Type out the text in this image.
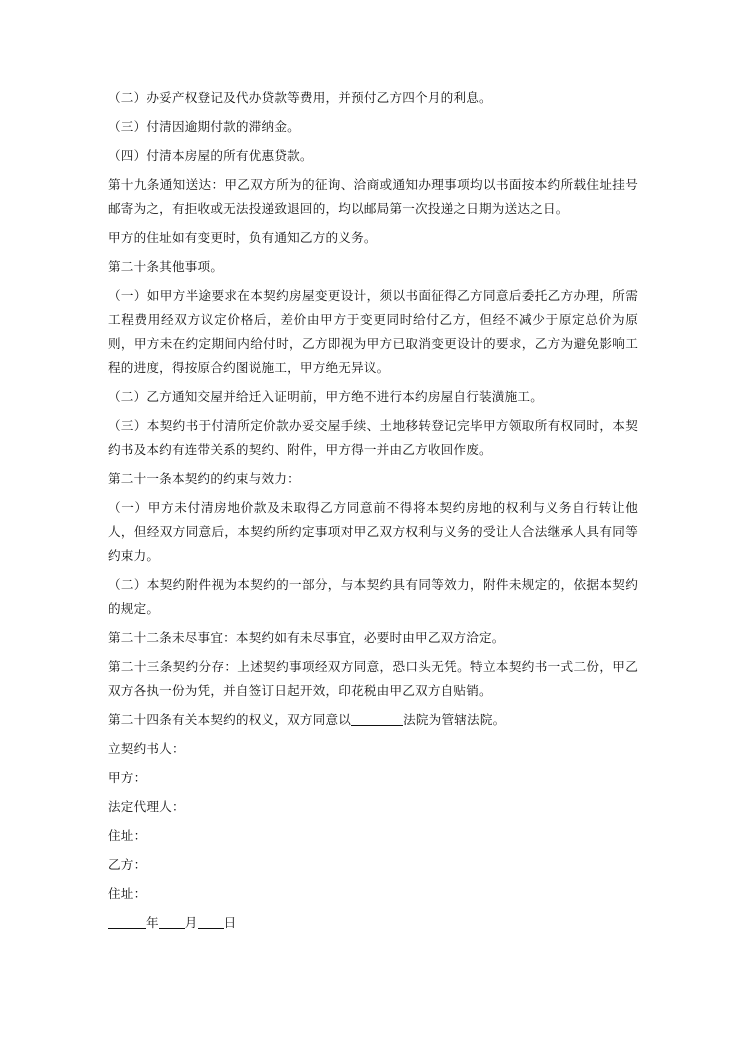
（二）办妥产权登记及代办贷款等费用，并预付乙方四个月的利息。

（三）付清因逾期付款的滞纳金。

（四）付清本房屋的所有优惠贷款。

第十九条通知送达：甲乙双方所为的征询、洽商或通知办理事项均以书面按本约所载住址挂号邮寄为之，有拒收或无法投递致退回的，均以邮局第一次投递之日期为送达之日。

甲方的住址如有变更时，负有通知乙方的义务。

第二十条其他事项。

（一）如甲方半途要求在本契约房屋变更设计，须以书面征得乙方同意后委托乙方办理，所需工程费用经双方议定价格后，差价由甲方于变更同时给付乙方，但经不减少于原定总价为原则，甲方未在约定期间内给付时，乙方即视为甲方已取消变更设计的要求，乙方为避免影响工程的进度，得按原合约图说施工，甲方绝无异议。

（二）乙方通知交屋并给迁入证明前，甲方绝不进行本约房屋自行装潢施工。

（三）本契约书于付清所定价款办妥交屋手续、土地移转登记完毕甲方领取所有权同时，本契约书及本约有连带关系的契约、附件，甲方得一并由乙方收回作废。

第二十一条本契约的约束与效力：

（一）甲方未付清房地价款及未取得乙方同意前不得将本契约房地的权利与义务自行转让他人，但经双方同意后，本契约所约定事项对甲乙双方权利与义务的受让人合法继承人具有同等约束力。

（二）本契约附件视为本契约的一部分，与本契约具有同等效力，附件未规定的，依据本契约的规定。

第二十二条未尽事宜：本契约如有未尽事宜，必要时由甲乙双方洽定。

第二十三条契约分存：上述契约事项经双方同意，恐口头无凭。特立本契约书一式二份，甲乙双方各执一份为凭，并自签订日起开效，印花税由甲乙双方自贴销。

第二十四条有关本契约的权义，双方同意以	法院为管辖法院。

立契约书人：

甲方：

法定代理人：

住址：

乙方：

住址：

年 月 日
